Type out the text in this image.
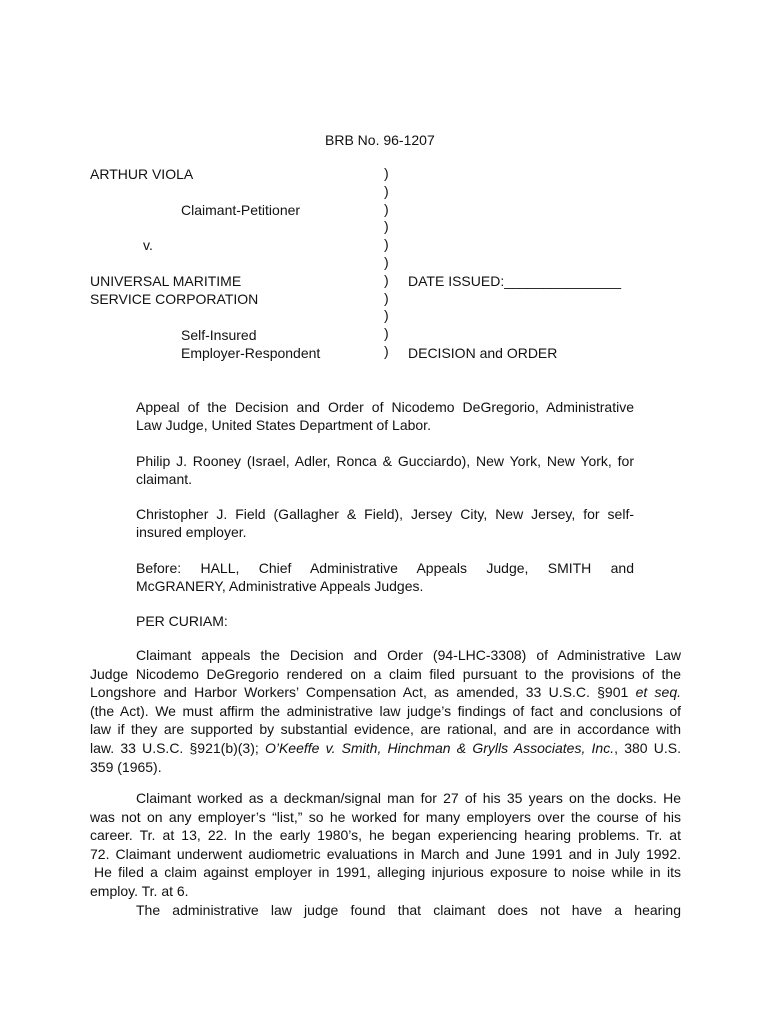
BRB No. 96-1207
ARTHUR VIOLA
Claimant-Petitioner
v.
UNIVERSAL MARITIME
SERVICE CORPORATION
Self-Insured
Employer-Respondent
)
)
)
)
)
)
)
)
)
)
)
DATE ISSUED:_______________
DECISION and ORDER
Appeal of the Decision and Order of Nicodemo DeGregorio, Administrative
Law Judge, United States Department of Labor.
Philip J. Rooney (Israel, Adler, Ronca & Gucciardo), New York, New York, for
claimant.
Christopher J. Field (Gallagher & Field), Jersey City, New Jersey, for self-
insured employer.
Before: HALL, Chief Administrative Appeals Judge, SMITH and
McGRANERY, Administrative Appeals Judges.
PER CURIAM:
Claimant appeals the Decision and Order (94-LHC-3308) of Administrative Law
Judge Nicodemo DeGregorio rendered on a claim filed pursuant to the provisions of the
Longshore and Harbor Workers’ Compensation Act, as amended, 33 U.S.C. §901 et seq.
(the Act). We must affirm the administrative law judge’s findings of fact and conclusions of
law if they are supported by substantial evidence, are rational, and are in accordance with
law. 33 U.S.C. §921(b)(3); O’Keeffe v. Smith, Hinchman & Grylls Associates, Inc., 380 U.S.
359 (1965).
Claimant worked as a deckman/signal man for 27 of his 35 years on the docks. He
was not on any employer’s “list,” so he worked for many employers over the course of his
career. Tr. at 13, 22. In the early 1980’s, he began experiencing hearing problems. Tr. at
72. Claimant underwent audiometric evaluations in March and June 1991 and in July 1992.
He filed a claim against employer in 1991, alleging injurious exposure to noise while in its
employ. Tr. at 6.
The administrative law judge found that claimant does not have a hearing
